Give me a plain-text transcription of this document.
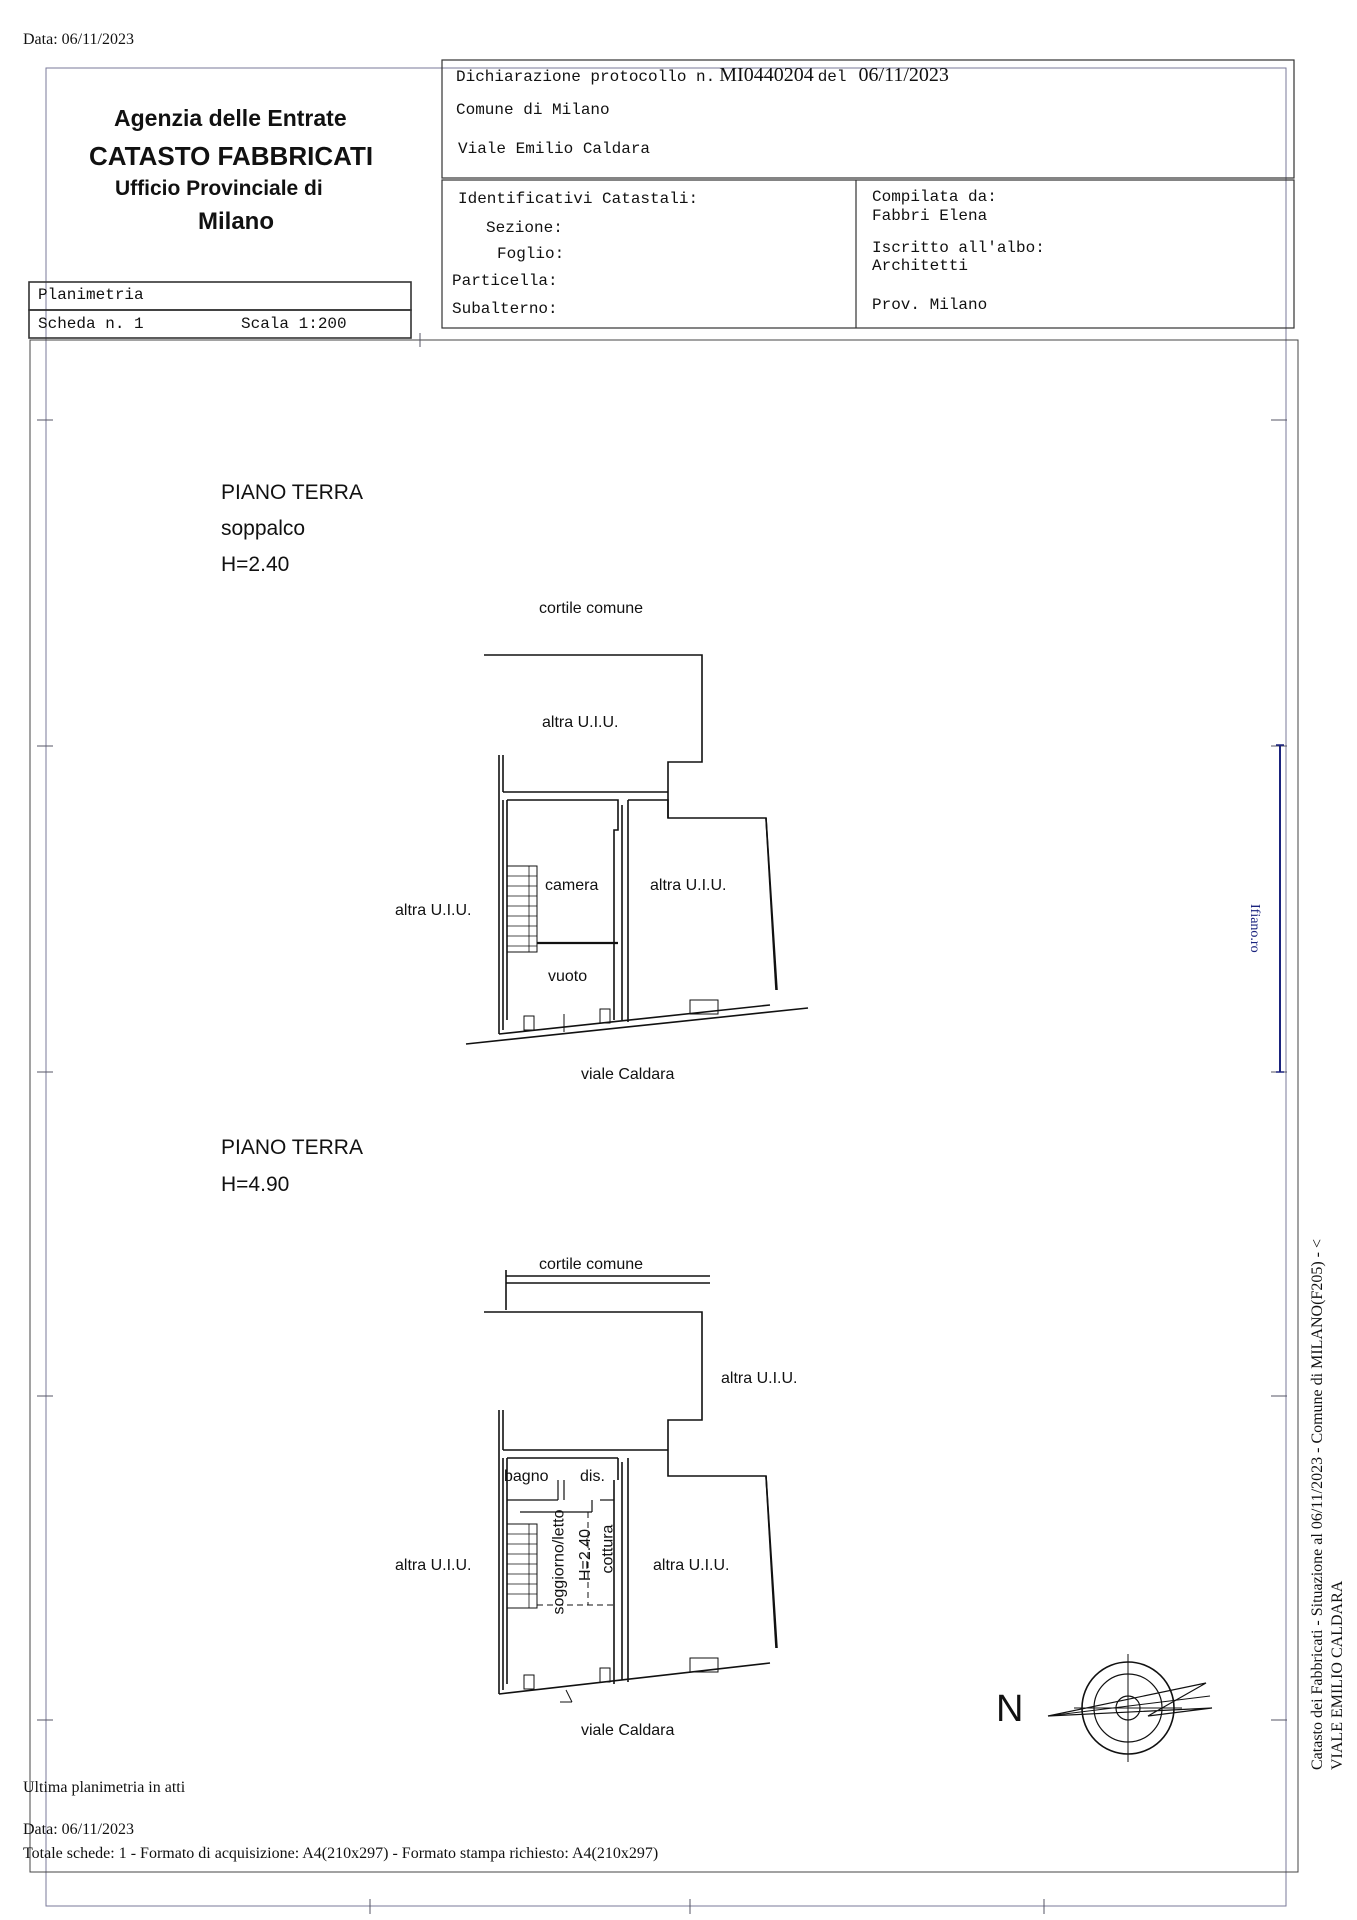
Data: 06/11/2023
Agenzia delle Entrate
CATASTO FABBRICATI
Ufficio Provinciale di
Milano
Planimetria
Scheda n. 1	Scala 1:200
Dichiarazione protocollo n. MI0440204 del 06/11/2023
Comune di Milano
Viale Emilio Caldara
Identificativi Catastali:
Sezione:
Foglio:
Particella:
Subalterno:
Compilata da:
Fabbri Elena
Iscritto all'albo:
Architetti
Prov. Milano
PIANO TERRA
soppalco
H=2.40
cortile comune
altra U.I.U.
altra U.I.U.
altra U.I.U.
camera
vuoto
viale Caldara
PIANO TERRA
H=4.90
cortile comune
altra U.I.U.
altra U.I.U.	altra U.I.U.
bagno dis.
soggiorno/letto H=2.40 cottura
viale Caldara
N	Catasto dei Fabbricati - Situazione al 06/11/2023 - Comune di MILANO(F205) - < VIALE EMILIO CALDARA
Ifiano.ro
Ultima planimetria in atti
Data: 06/11/2023
Totale schede: 1 - Formato di acquisizione: A4(210x297) - Formato stampa richiesto: A4(210x297)
